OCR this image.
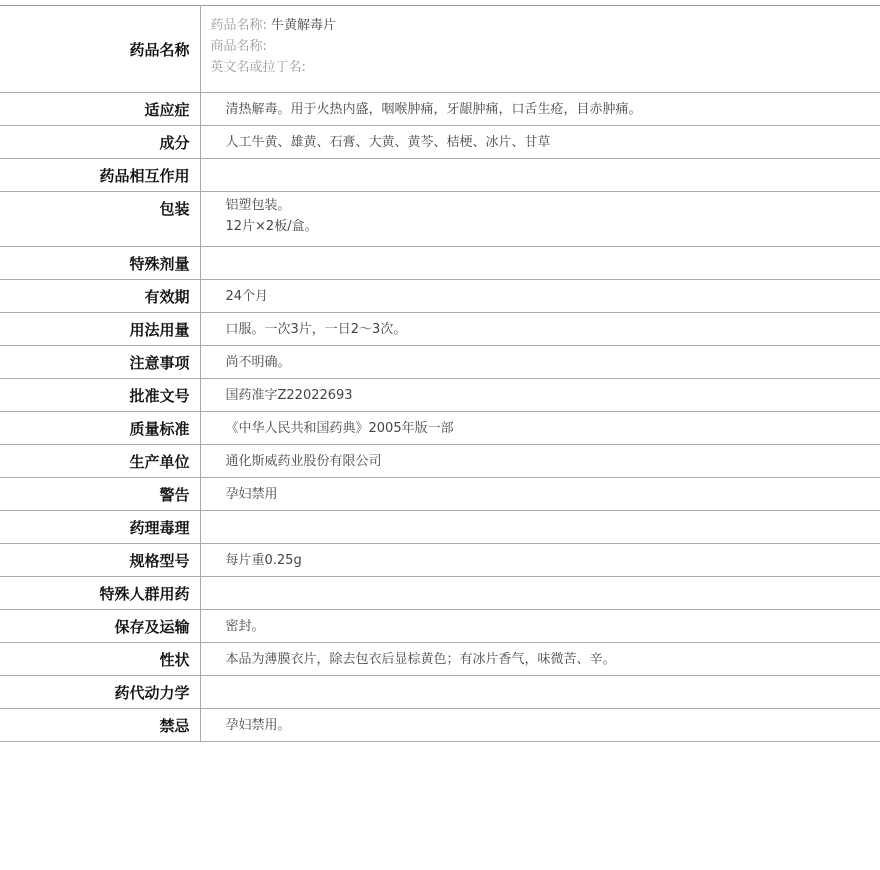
药品名称	药品名称: 牛黄解毒片
商品名称:
英文名或拉丁名:

适应症	清热解毒。用于火热内盛，咽喉肿痛，牙龈肿痛，口舌生疮，目赤肿痛。
成分	人工牛黄、雄黄、石膏、大黄、黄芩、桔梗、冰片、甘草
药品相互作用	
包装	铝塑包装。
12片×2板/盒。

特殊剂量	
有效期	24个月
用法用量	口服。一次3片，一日2～3次。
注意事项	尚不明确。
批准文号	国药准字Z22022693
质量标准	《中华人民共和国药典》2005年版一部
生产单位	通化斯威药业股份有限公司
警告	孕妇禁用
药理毒理	
规格型号	每片重0.25g
特殊人群用药	
保存及运输	密封。
性状	本品为薄膜衣片，除去包衣后显棕黄色；有冰片香气，味微苦、辛。
药代动力学	
禁忌	孕妇禁用。
